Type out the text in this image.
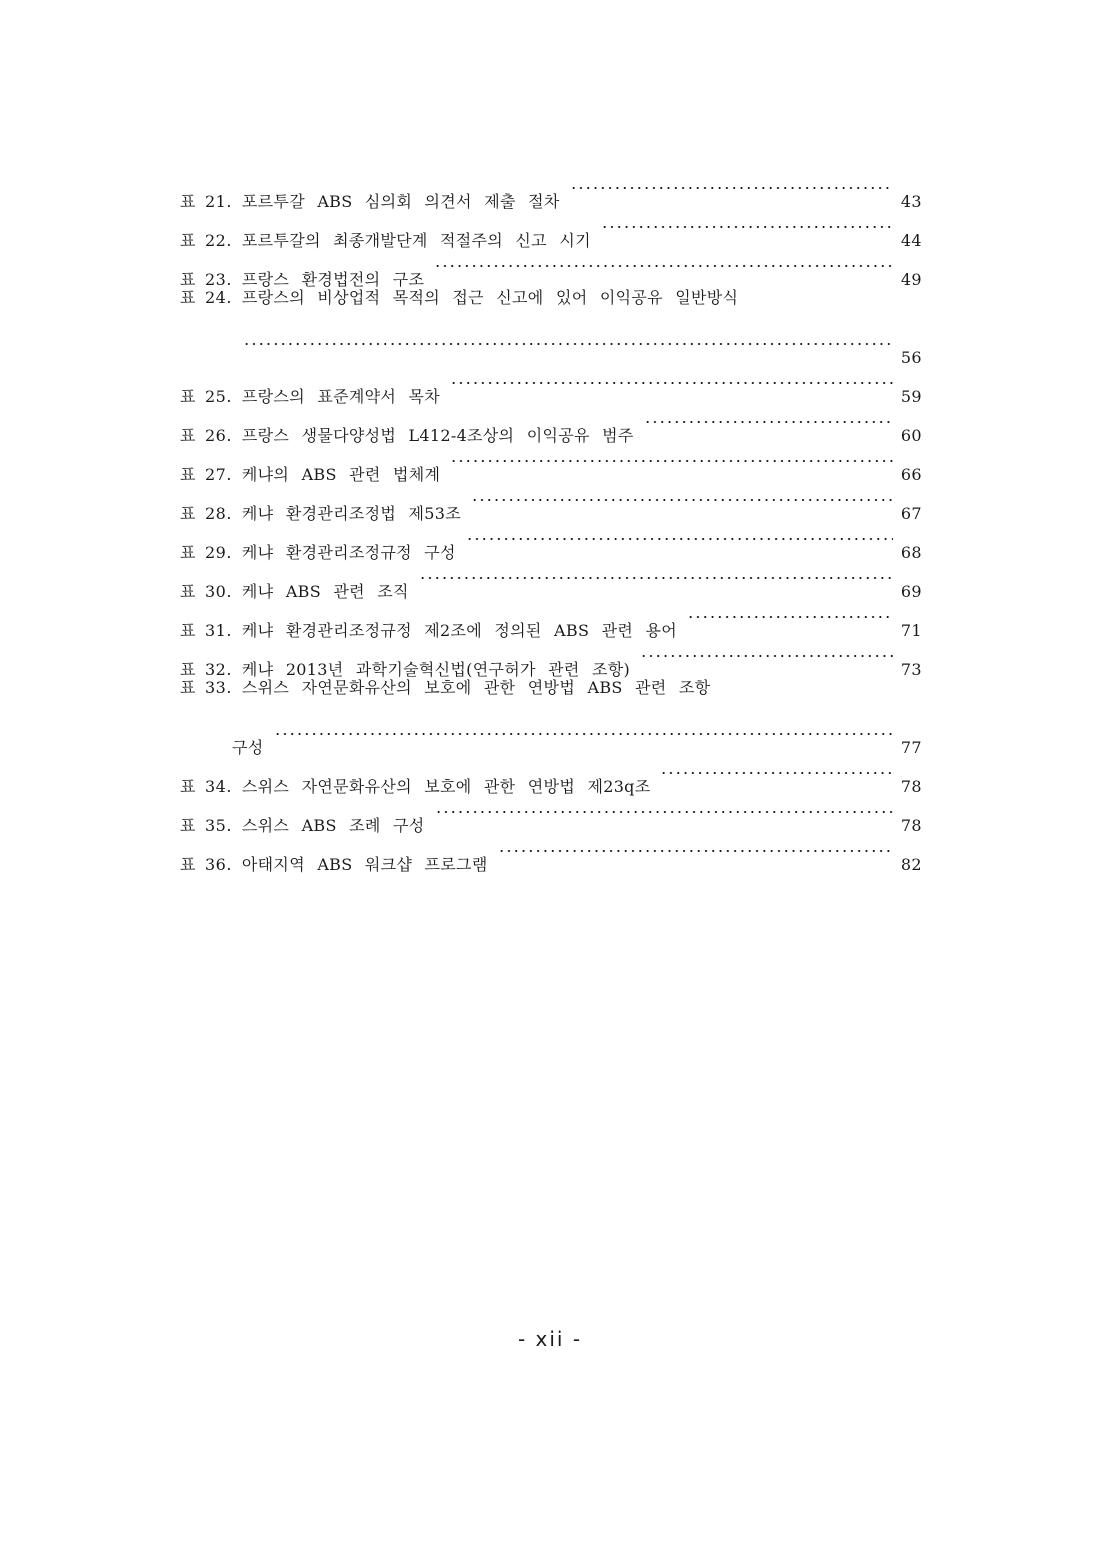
표 21. 포르투갈 ABS 심의회 의견서 제출 절차	43
표 22. 포르투갈의 최종개발단계 적절주의 신고 시기	44
표 23. 프랑스 환경법전의 구조	49
표 24. 프랑스의 비상업적 목적의 접근 신고에 있어 이익공유 일반방식
56
표 25. 프랑스의 표준계약서 목차	59
표 26. 프랑스 생물다양성법 L412-4조상의 이익공유 범주	60
표 27. 케냐의 ABS 관련 법체계	66
표 28. 케냐 환경관리조정법 제53조	67
표 29. 케냐 환경관리조정규정 구성	68
표 30. 케냐 ABS 관련 조직	69
표 31. 케냐 환경관리조정규정 제2조에 정의된 ABS 관련 용어	71
표 32. 케냐 2013년 과학기술혁신법(연구허가 관련 조항)	73
표 33. 스위스 자연문화유산의 보호에 관한 연방법 ABS 관련 조항
구성	77
표 34. 스위스 자연문화유산의 보호에 관한 연방법 제23q조	78
표 35. 스위스 ABS 조례 구성	78
표 36. 아태지역 ABS 워크샵 프로그램	82
- xii -
